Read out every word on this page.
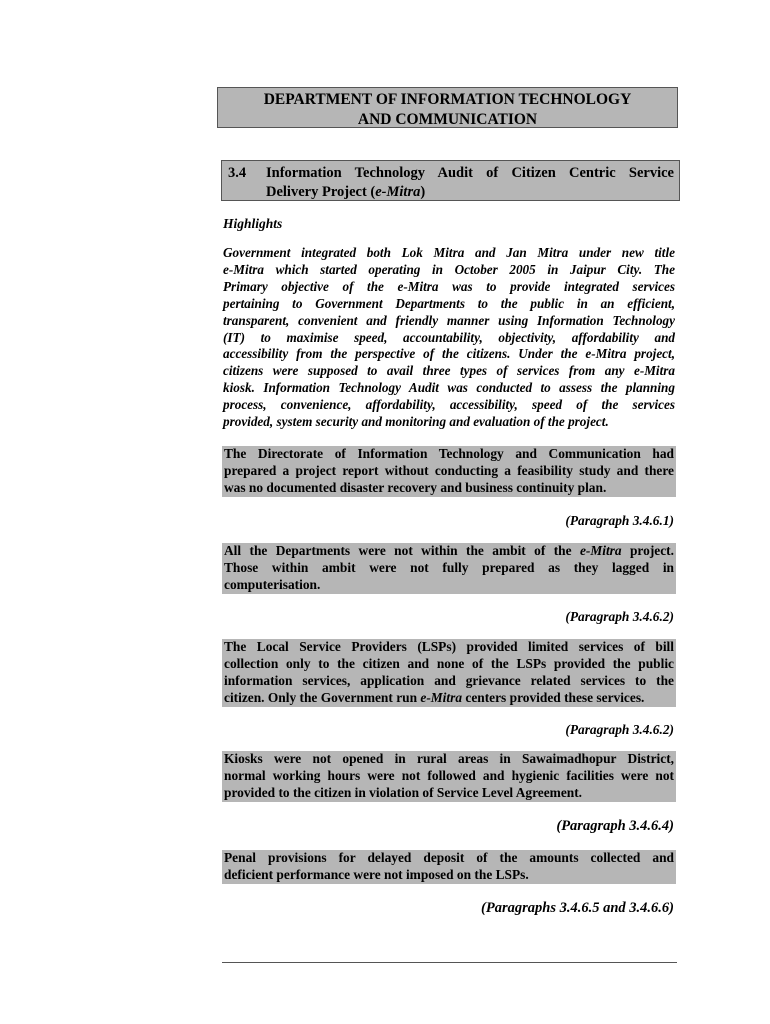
DEPARTMENT OF INFORMATION TECHNOLOGY
AND COMMUNICATION
3.4 Information Technology Audit of Citizen Centric Service
Delivery Project (e-Mitra)
Highlights
Government integrated both Lok Mitra and Jan Mitra under new title
e-Mitra which started operating in October 2005 in Jaipur City. The
Primary objective of the e-Mitra was to provide integrated services
pertaining to Government Departments to the public in an efficient,
transparent, convenient and friendly manner using Information Technology
(IT) to maximise speed, accountability, objectivity, affordability and
accessibility from the perspective of the citizens. Under the e-Mitra project,
citizens were supposed to avail three types of services from any e-Mitra
kiosk. Information Technology Audit was conducted to assess the planning
process, convenience, affordability, accessibility, speed of the services
provided, system security and monitoring and evaluation of the project.
The Directorate of Information Technology and Communication had
prepared a project report without conducting a feasibility study and there
was no documented disaster recovery and business continuity plan.
(Paragraph 3.4.6.1)
All the Departments were not within the ambit of the e-Mitra project.
Those within ambit were not fully prepared as they lagged in
computerisation.
(Paragraph 3.4.6.2)
The Local Service Providers (LSPs) provided limited services of bill
collection only to the citizen and none of the LSPs provided the public
information services, application and grievance related services to the
citizen. Only the Government run e-Mitra centers provided these services.
(Paragraph 3.4.6.2)
Kiosks were not opened in rural areas in Sawaimadhopur District,
normal working hours were not followed and hygienic facilities were not
provided to the citizen in violation of Service Level Agreement.
(Paragraph 3.4.6.4)
Penal provisions for delayed deposit of the amounts collected and
deficient performance were not imposed on the LSPs.
(Paragraphs 3.4.6.5 and 3.4.6.6)
